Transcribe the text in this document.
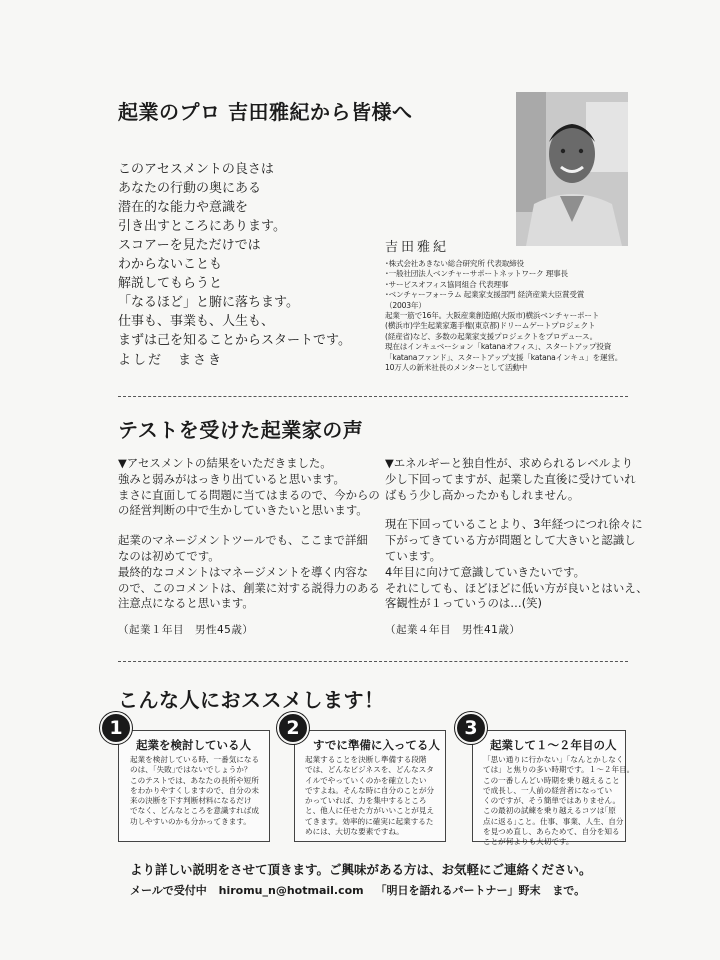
起業のプロ 吉田雅紀から皆様へ
このアセスメントの良さは
あなたの行動の奥にある
潜在的な能力や意識を
引き出すところにあります。
スコアーを見ただけでは
わからないことも
解説してもらうと
「なるほど」と腑に落ちます。
仕事も、事業も、人生も、
まずは己を知ることからスタートです。
よしだ　まさき
吉田雅紀
･株式会社あきない総合研究所 代表取締役
･一般社団法人ベンチャーサポートネットワーク 理事長
･サービスオフィス協同組合 代表理事
･ベンチャーフォーラム 起業家支援部門 経済産業大臣賞受賞
（2003年）
起業一筋で16年。大阪産業創造館(大阪市)横浜ベンチャーポート
(横浜市)学生起業家選手権(東京都)ドリームゲートプロジェクト
(経産省)など、多数の起業家支援プロジェクトをプロデュース。
現在はインキュベーション「katanaオフィス」、スタートアップ投資
「katanaファンド」、スタートアップ支援「katanaインキュ」を運営。
10万人の新米社長のメンターとして活動中
テストを受けた起業家の声
▼アセスメントの結果をいただきました。
強みと弱みがはっきり出ていると思います。
まさに直面してる問題に当てはまるので、今からの
の経営判断の中で生かしていきたいと思います。
起業のマネージメントツールでも、ここまで詳細
なのは初めてです。
最終的なコメントはマネージメントを導く内容な
ので、このコメントは、創業に対する説得力のある
注意点になると思います。
（起業１年目　男性45歳）
▼エネルギーと独自性が、求められるレベルより
少し下回ってますが、起業した直後に受けていれ
ばもう少し高かったかもしれません。
現在下回っていることより、3年経つにつれ徐々に
下がってきている方が問題として大きいと認識し
ています。
4年目に向けて意識していきたいです。
それにしても、ほどほどに低い方が良いとはいえ、
客観性が１っていうのは…(笑)
（起業４年目　男性41歳）
こんな人におススメします！
1
起業を検討している人
起業を検討している時、一番気になる
のは、｢失敗｣ではないでしょうか？
このテストでは、あなたの長所や短所
をわかりやすくしますので、自分の未
来の決断を下す判断材料になるだけ
でなく、どんなところを意識すれば成
功しやすいのかも分かってきます。
2
すでに準備に入ってる人
起業することを決断し準備する段階
では、どんなビジネスを、どんなスタ
イルでやっていくのかを確立したい
ですよね。そんな時に自分のことが分
かっていれば、力を集中するところ
と、他人に任せた方がいいことが見え
てきます。効率的に確実に起業するた
めには、大切な要素ですね。
3
起業して１～２年目の人
「思い通りに行かない」「なんとかしなく
ては」と焦りの多い時期です。１～２年目。
この一番しんどい時期を乗り越えること
で成長し、一人前の経営者になってい
くのですが、そう簡単ではありません。
この最初の試練を乗り越えるコツは｢原
点に返る｣こと。仕事、事業、人生、自分
を見つめ直し、あらためて、自分を知る
ことが何よりも大切です。
より詳しい説明をさせて頂きます。ご興味がある方は、お気軽にご連絡ください。
メールで受付中 hiromu_n@hotmail.com 「明日を語れるパートナー」野末 まで。
